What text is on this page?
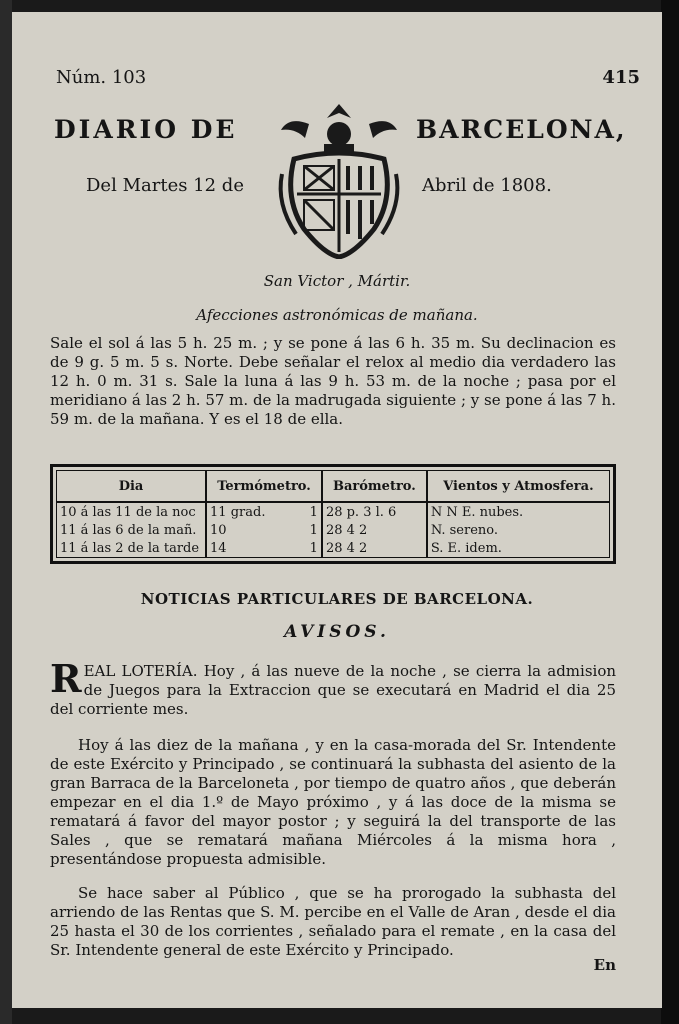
Núm. 103	415
DIARIO DE	BARCELONA,
Del Martes 12 de	Abril de 1808.
San Victor , Mártir.
Afecciones astronómicas de mañana.
Sale el sol á las 5 h. 25 m. ; y se pone á las 6 h. 35 m. Su declinacion es de 9 g. 5 m. 5 s. Norte. Debe señalar el relox al medio dia verdadero las 12 h. 0 m. 31 s. Sale la luna á las 9 h. 53 m. de la noche ; pasa por el meridiano á las 2 h. 57 m. de la madrugada siguiente ; y se pone á las 7 h. 59 m. de la mañana. Y es el 18 de ella.
Dia	Termómetro.	Barómetro.	Vientos y Atmosfera.
10 á las 11 de la noc	11 grad. 1	28 p. 3 l. 6	N N E. nubes.
11 á las 6 de la mañ.	10 1	28 4 2	N. sereno.
11 á las 2 de la tarde	14 1	28 4 2	S. E. idem.
NOTICIAS PARTICULARES DE BARCELONA.
AVISOS.
REAL LOTERÍA. Hoy , á las nueve de la noche , se cierra la admision de Juegos para la Extraccion que se executará en Madrid el dia 25 del corriente mes.
Hoy á las diez de la mañana , y en la casa-morada del Sr. Intendente de este Exército y Principado , se continuará la subhasta del asiento de la gran Barraca de la Barceloneta , por tiempo de quatro años , que deberán empezar en el dia 1.º de Mayo próximo , y á las doce de la misma se rematará á favor del mayor postor ; y seguirá la del transporte de las Sales , que se rematará mañana Miércoles á la misma hora , presentándose propuesta admisible.
Se hace saber al Público , que se ha prorogado la subhasta del arriendo de las Rentas que S. M. percibe en el Valle de Aran , desde el dia 25 hasta el 30 de los corrientes , señalado para el remate , en la casa del Sr. Intendente general de este Exército y Principado.
En
